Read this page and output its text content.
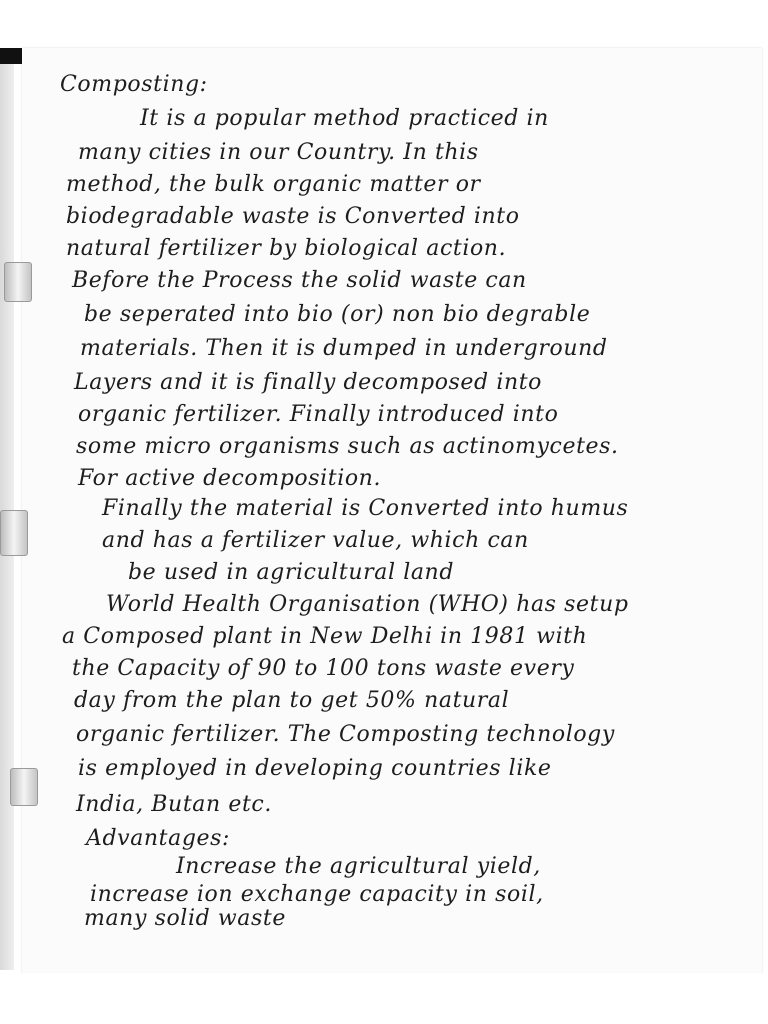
Composting:
It is a popular method practiced in
many cities in our Country. In this
method, the bulk organic matter or
biodegradable waste is Converted into
natural fertilizer by biological action.
Before the Process the solid waste can
be seperated into bio (or) non bio degrable
materials. Then it is dumped in underground
Layers and it is finally decomposed into
organic fertilizer. Finally introduced into
some micro organisms such as actinomycetes.
For active decomposition.
Finally the material is Converted into humus
and has a fertilizer value, which can
be used in agricultural land
World Health Organisation (WHO) has setup
a Composed plant in New Delhi in 1981 with
the Capacity of 90 to 100 tons waste every
day from the plan to get 50% natural
organic fertilizer. The Composting technology
is employed in developing countries like
India, Butan etc.
Advantages:
Increase the agricultural yield,
increase ion exchange capacity in soil,
many solid waste
